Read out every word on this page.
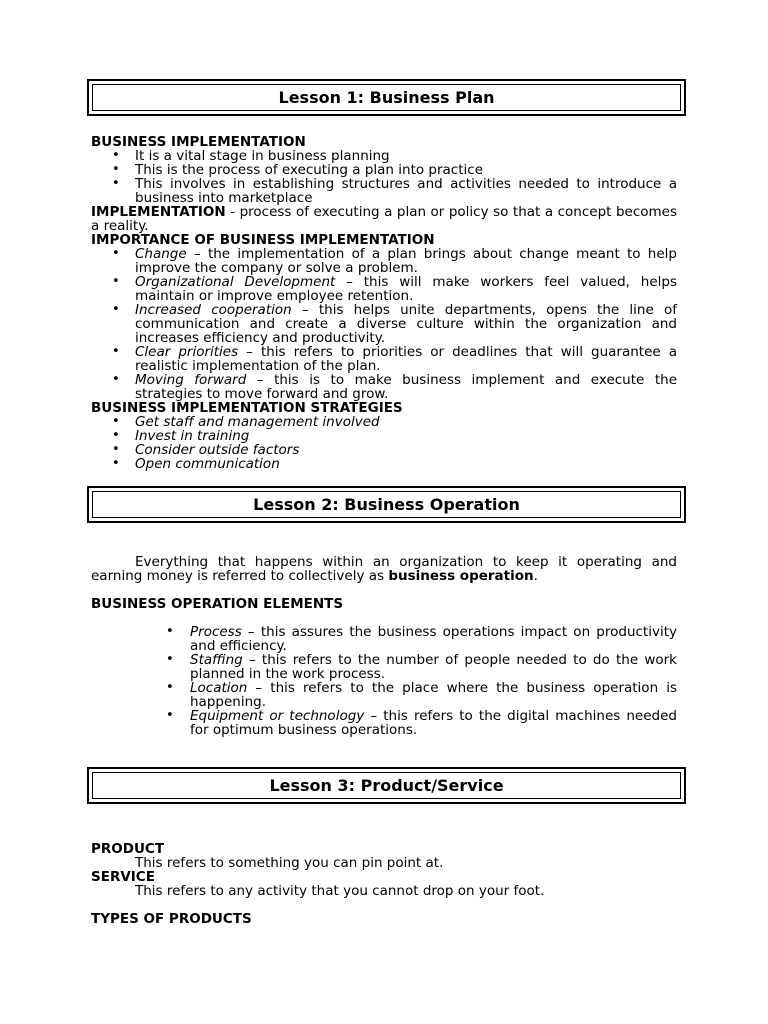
Lesson 1: Business Plan

BUSINESS IMPLEMENTATION

• It is a vital stage in business planning
• This is the process of executing a plan into practice
• This involves in establishing structures and activities needed to introduce a business into marketplace

IMPLEMENTATION - process of executing a plan or policy so that a concept becomes a reality.

IMPORTANCE OF BUSINESS IMPLEMENTATION

• Change – the implementation of a plan brings about change meant to help improve the company or solve a problem.
• Organizational Development – this will make workers feel valued, helps maintain or improve employee retention.
• Increased cooperation – this helps unite departments, opens the line of communication and create a diverse culture within the organization and increases efficiency and productivity.
• Clear priorities – this refers to priorities or deadlines that will guarantee a realistic implementation of the plan.
• Moving forward – this is to make business implement and execute the strategies to move forward and grow.

BUSINESS IMPLEMENTATION STRATEGIES

• Get staff and management involved
• Invest in training
• Consider outside factors
• Open communication
Lesson 2: Business Operation

Everything that happens within an organization to keep it operating and earning money is referred to collectively as business operation.

BUSINESS OPERATION ELEMENTS

• Process – this assures the business operations impact on productivity and efficiency.
• Staffing – this refers to the number of people needed to do the work planned in the work process.
• Location – this refers to the place where the business operation is happening.
• Equipment or technology – this refers to the digital machines needed for optimum business operations.
Lesson 3: Product/Service

PRODUCT

This refers to something you can pin point at.

SERVICE

This refers to any activity that you cannot drop on your foot.

TYPES OF PRODUCTS
